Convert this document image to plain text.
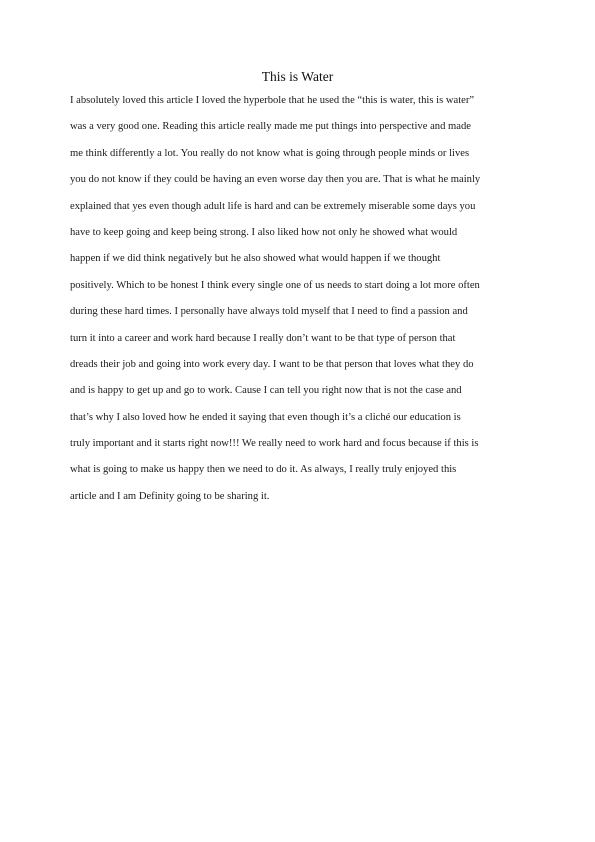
This is Water
I absolutely loved this article I loved the hyperbole that he used the “this is water, this is water”
was a very good one. Reading this article really made me put things into perspective and made
me think differently a lot. You really do not know what is going through people minds or lives
you do not know if they could be having an even worse day then you are. That is what he mainly
explained that yes even though adult life is hard and can be extremely miserable some days you
have to keep going and keep being strong. I also liked how not only he showed what would
happen if we did think negatively but he also showed what would happen if we thought
positively. Which to be honest I think every single one of us needs to start doing a lot more often
during these hard times. I personally have always told myself that I need to find a passion and
turn it into a career and work hard because I really don’t want to be that type of person that
dreads their job and going into work every day. I want to be that person that loves what they do
and is happy to get up and go to work. Cause I can tell you right now that is not the case and
that’s why I also loved how he ended it saying that even though it’s a cliché our education is
truly important and it starts right now!!! We really need to work hard and focus because if this is
what is going to make us happy then we need to do it. As always, I really truly enjoyed this
article and I am Definity going to be sharing it.
